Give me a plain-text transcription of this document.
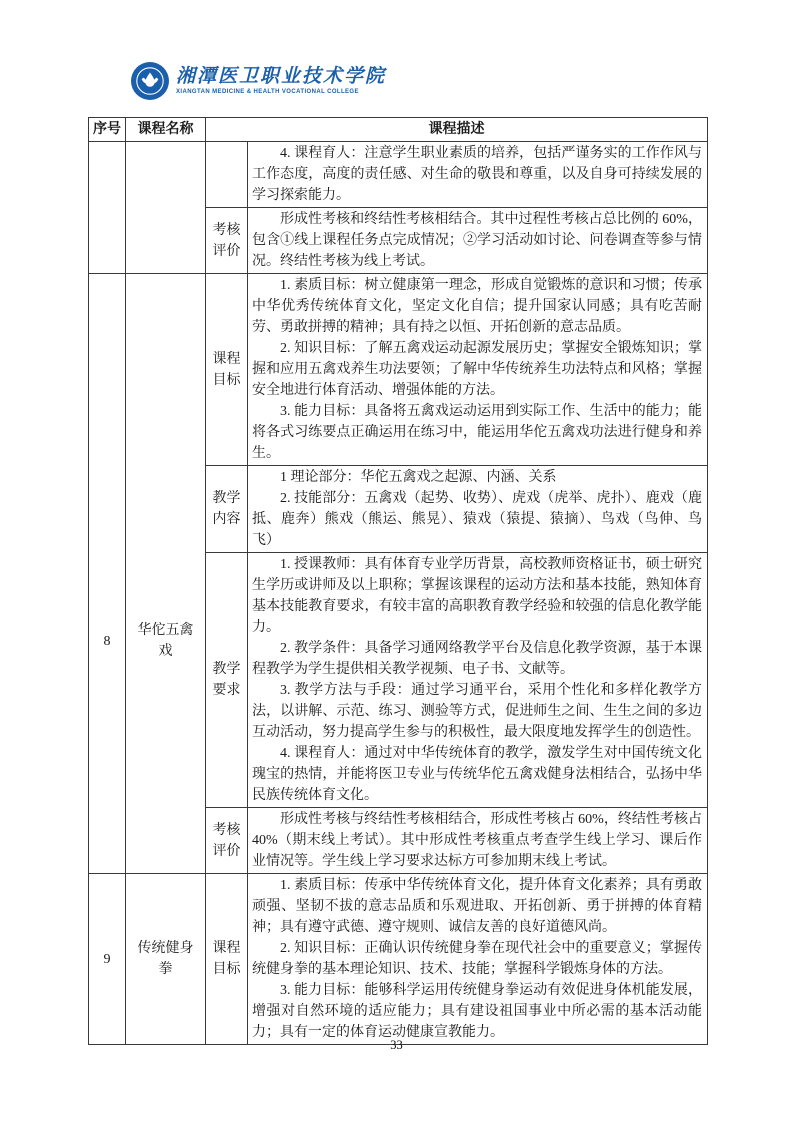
湘潭医卫职业技术学院
XIANGTAN MEDICINE & HEALTH VOCATIONAL COLLEGE
序号	课程名称	课程描述

4. 课程育人：注意学生职业素质的培养，包括严谨务实的工作作风与工作态度，高度的责任感、对生命的敬畏和尊重，以及自身可持续发展的学习探索能力。

考核评价

形成性考核和终结性考核相结合。其中过程性考核占总比例的 60%，包含①线上课程任务点完成情况；②学习活动如讨论、问卷调查等参与情况。终结性考核为线上考试。

8
华佗五禽戏
课程目标

1. 素质目标：树立健康第一理念，形成自觉锻炼的意识和习惯；传承中华优秀传统体育文化，坚定文化自信；提升国家认同感；具有吃苦耐劳、勇敢拼搏的精神；具有持之以恒、开拓创新的意志品质。

2. 知识目标：了解五禽戏运动起源发展历史；掌握安全锻炼知识；掌握和应用五禽戏养生功法要领；了解中华传统养生功法特点和风格；掌握安全地进行体育活动、增强体能的方法。

3. 能力目标：具备将五禽戏运动运用到实际工作、生活中的能力；能将各式习练要点正确运用在练习中，能运用华佗五禽戏功法进行健身和养生。

教学内容

1 理论部分：华佗五禽戏之起源、内涵、关系

2. 技能部分：五禽戏（起势、收势）、虎戏（虎举、虎扑）、鹿戏（鹿抵、鹿奔）熊戏（熊运、熊晃）、猿戏（猿提、猿摘）、鸟戏（鸟伸、鸟飞）

教学要求

1. 授课教师：具有体育专业学历背景，高校教师资格证书，硕士研究生学历或讲师及以上职称；掌握该课程的运动方法和基本技能，熟知体育基本技能教育要求，有较丰富的高职教育教学经验和较强的信息化教学能力。

2. 教学条件：具备学习通网络教学平台及信息化教学资源，基于本课程教学为学生提供相关教学视频、电子书、文献等。

3. 教学方法与手段：通过学习通平台，采用个性化和多样化教学方法，以讲解、示范、练习、测验等方式，促进师生之间、生生之间的多边互动活动，努力提高学生参与的积极性，最大限度地发挥学生的创造性。

4. 课程育人：通过对中华传统体育的教学，激发学生对中国传统文化瑰宝的热情，并能将医卫专业与传统华佗五禽戏健身法相结合，弘扬中华民族传统体育文化。

考核评价

形成性考核与终结性考核相结合，形成性考核占 60%，终结性考核占 40%（期末线上考试）。其中形成性考核重点考查学生线上学习、课后作业情况等。学生线上学习要求达标方可参加期末线上考试。

9
传统健身拳
课程目标

1. 素质目标：传承中华传统体育文化，提升体育文化素养；具有勇敢顽强、坚韧不拔的意志品质和乐观进取、开拓创新、勇于拼搏的体育精神；具有遵守武德、遵守规则、诚信友善的良好道德风尚。

2. 知识目标：正确认识传统健身拳在现代社会中的重要意义；掌握传统健身拳的基本理论知识、技术、技能；掌握科学锻炼身体的方法。

3. 能力目标：能够科学运用传统健身拳运动有效促进身体机能发展，增强对自然环境的适应能力；具有建设祖国事业中所必需的基本活动能力；具有一定的体育运动健康宣教能力。

33
